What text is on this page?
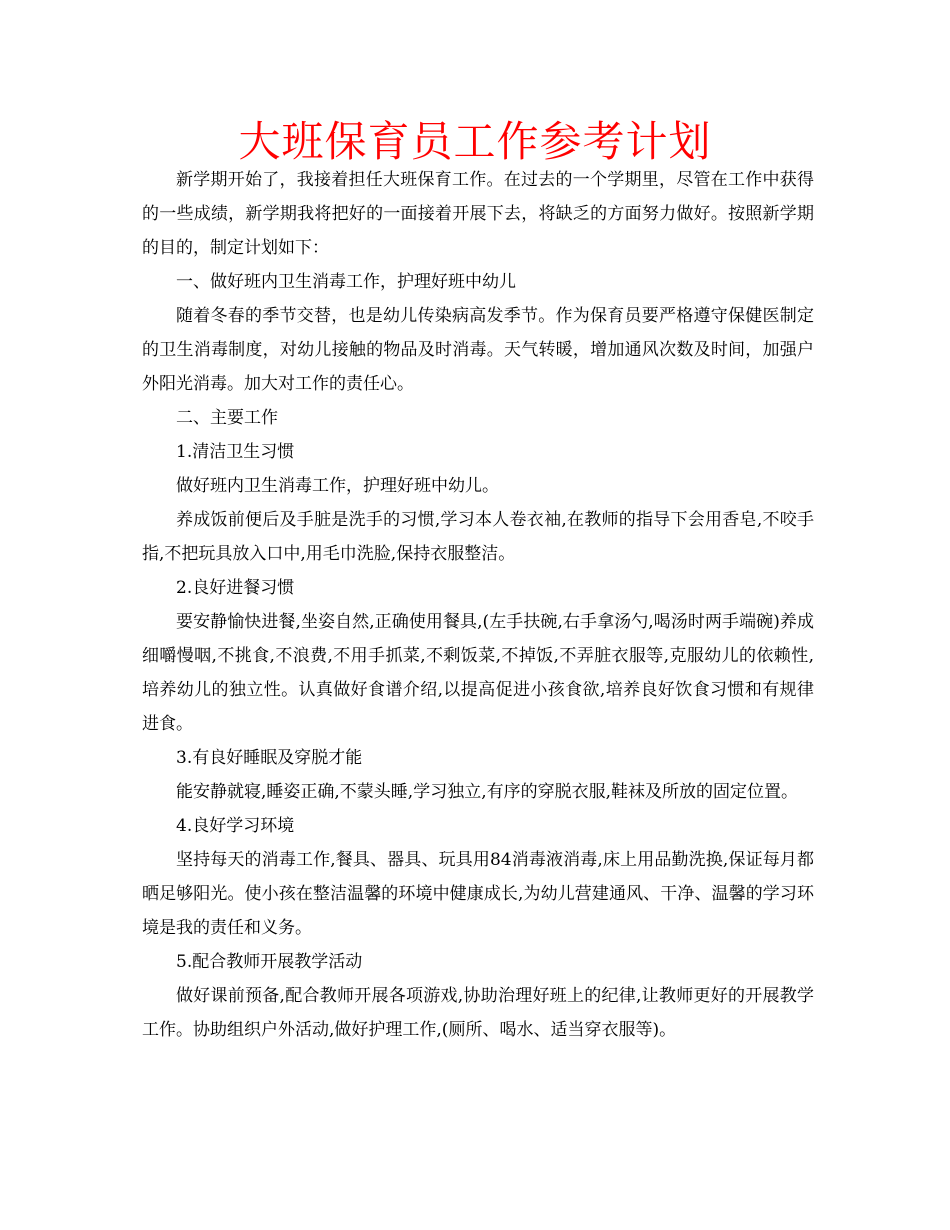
大班保育员工作参考计划

新学期开始了，我接着担任大班保育工作。在过去的一个学期里，尽管在工作中获得的一些成绩，新学期我将把好的一面接着开展下去，将缺乏的方面努力做好。按照新学期的目的，制定计划如下：

一、做好班内卫生消毒工作，护理好班中幼儿

随着冬春的季节交替，也是幼儿传染病高发季节。作为保育员要严格遵守保健医制定的卫生消毒制度，对幼儿接触的物品及时消毒。天气转暖，增加通风次数及时间，加强户外阳光消毒。加大对工作的责任心。

二、主要工作

1.清洁卫生习惯

做好班内卫生消毒工作，护理好班中幼儿。

养成饭前便后及手脏是洗手的习惯,学习本人卷衣袖,在教师的指导下会用香皂,不咬手指,不把玩具放入口中,用毛巾洗脸,保持衣服整洁。

2.良好进餐习惯

要安静愉快进餐,坐姿自然,正确使用餐具,(左手扶碗,右手拿汤勺,喝汤时两手端碗)养成细嚼慢咽,不挑食,不浪费,不用手抓菜,不剩饭菜,不掉饭,不弄脏衣服等,克服幼儿的依赖性,培养幼儿的独立性。认真做好食谱介绍,以提高促进小孩食欲,培养良好饮食习惯和有规律进食。

3.有良好睡眠及穿脱才能

能安静就寝,睡姿正确,不蒙头睡,学习独立,有序的穿脱衣服,鞋袜及所放的固定位置。

4.良好学习环境

坚持每天的消毒工作,餐具、器具、玩具用84消毒液消毒,床上用品勤洗换,保证每月都晒足够阳光。使小孩在整洁温馨的环境中健康成长,为幼儿营建通风、干净、温馨的学习环境是我的责任和义务。

5.配合教师开展教学活动

做好课前预备,配合教师开展各项游戏,协助治理好班上的纪律,让教师更好的开展教学工作。协助组织户外活动,做好护理工作,(厕所、喝水、适当穿衣服等)。
